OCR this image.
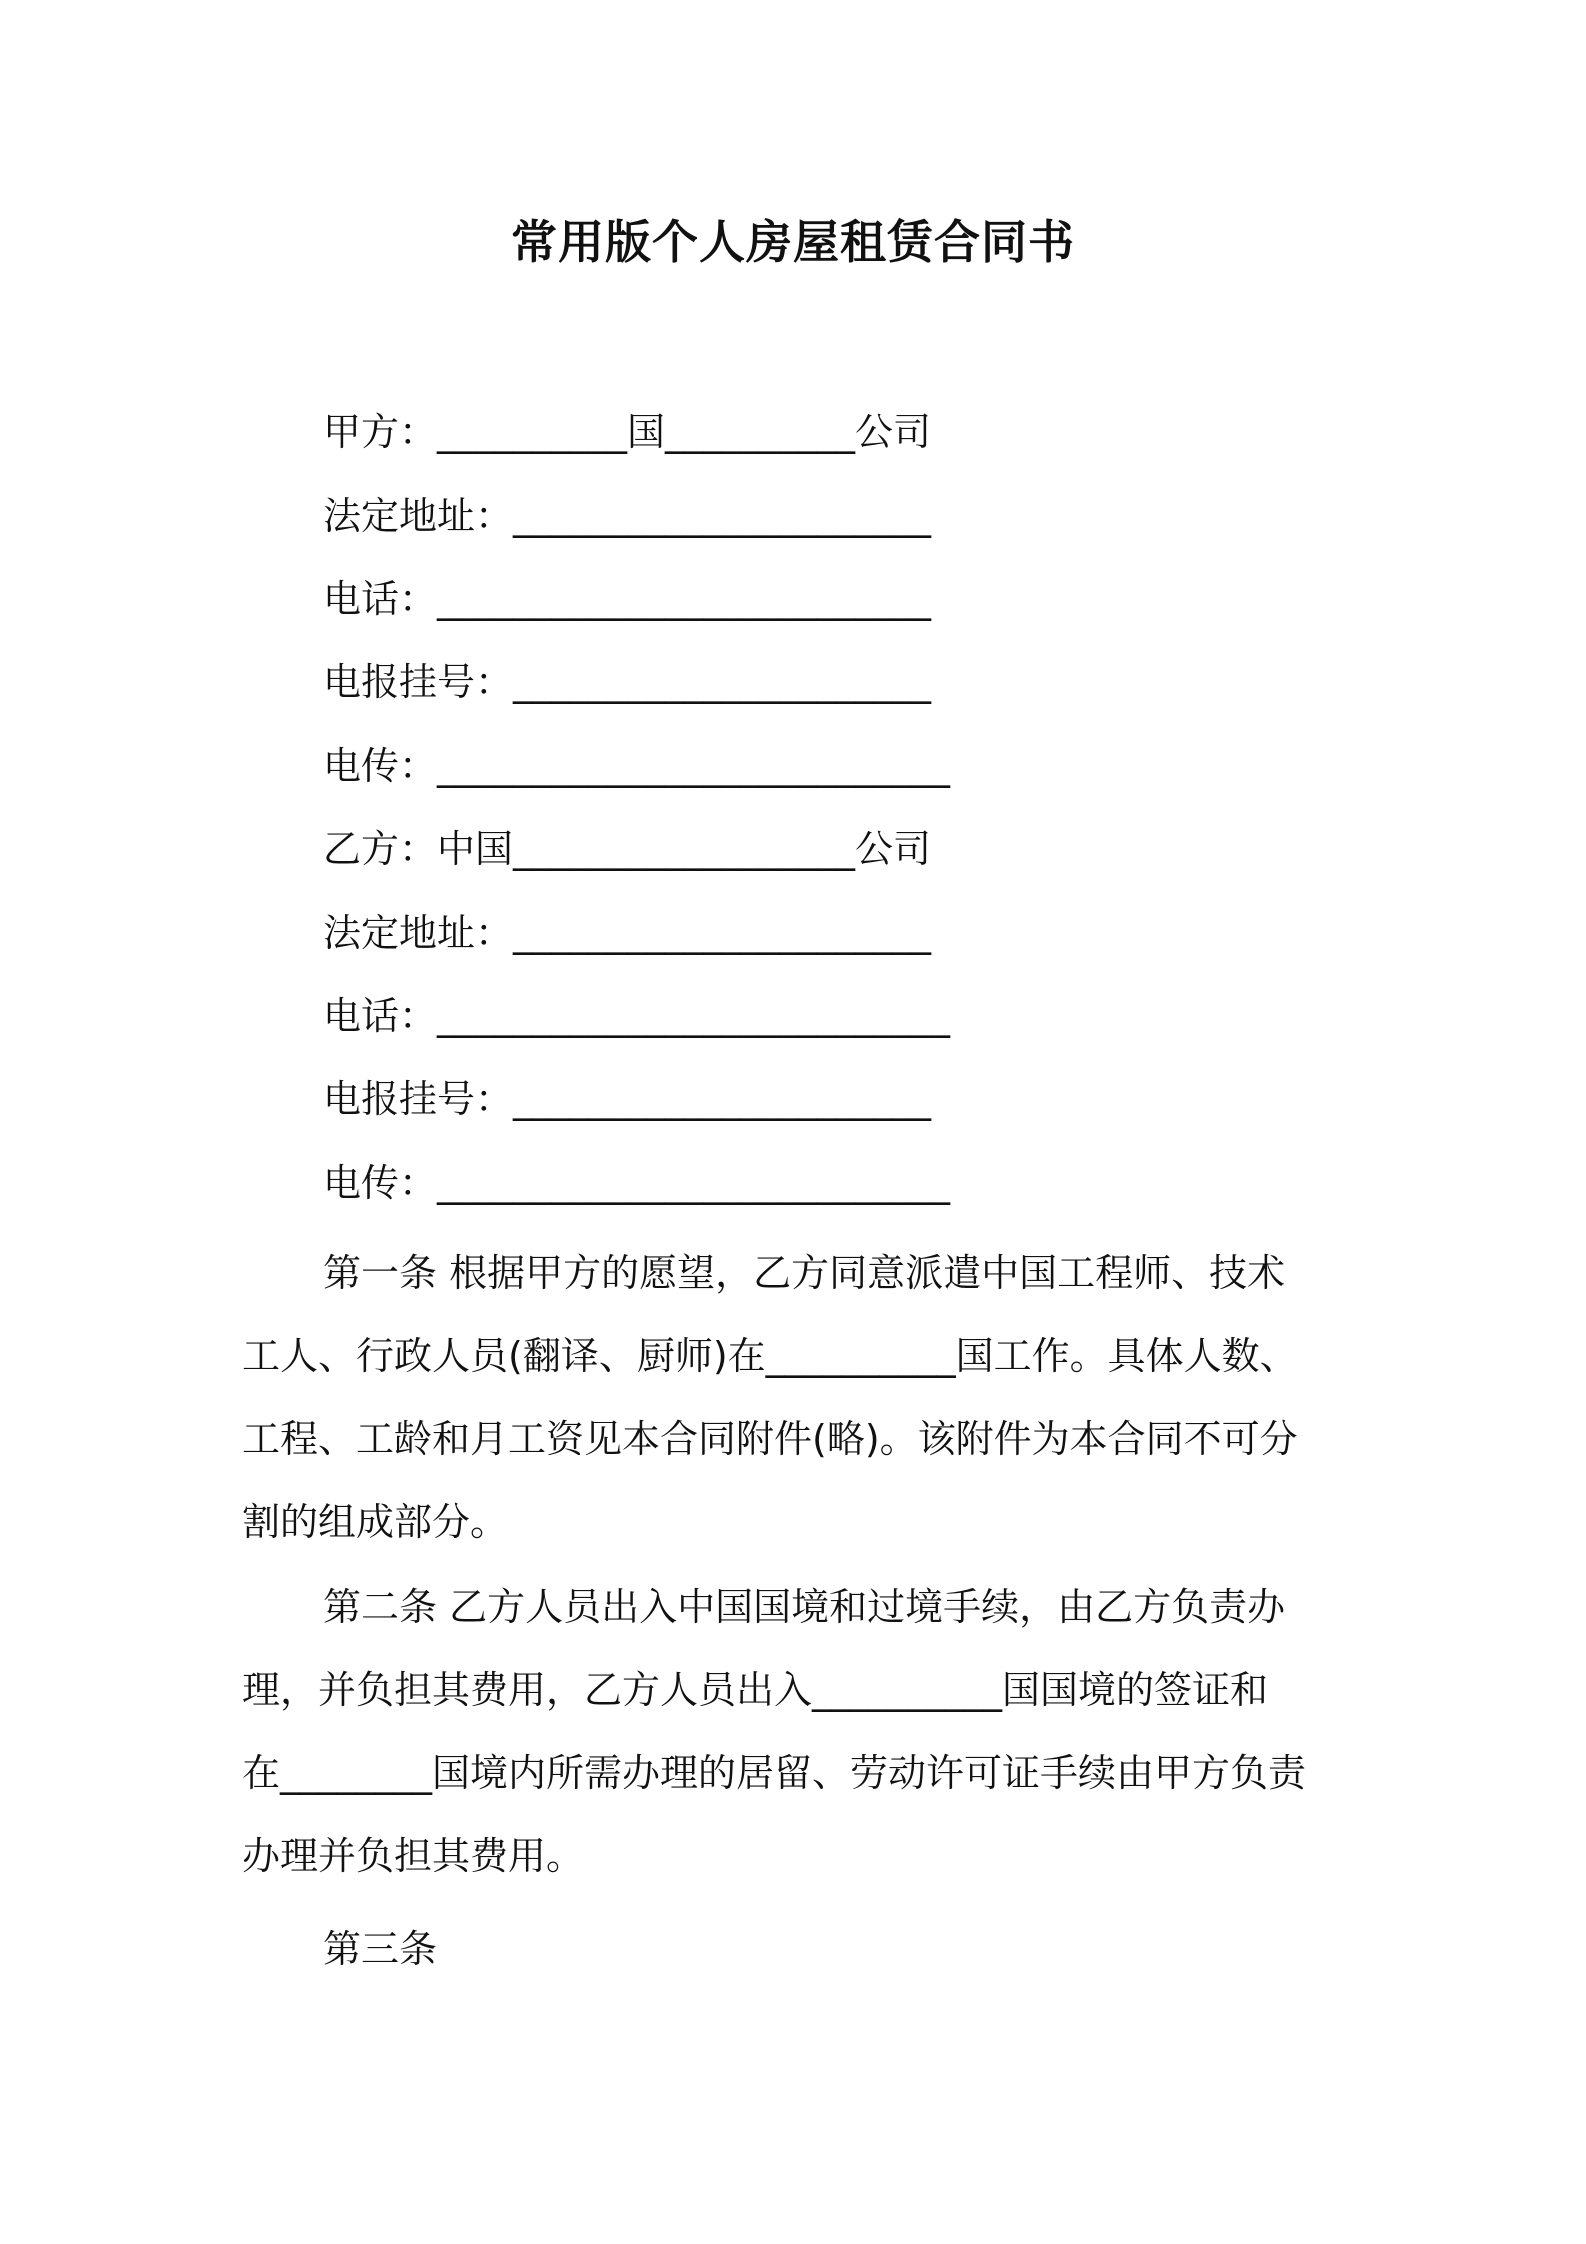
常用版个人房屋租赁合同书
甲方：__________国__________公司
法定地址：______________________
电话：__________________________
电报挂号：______________________
电传：___________________________
乙方：中国__________________公司
法定地址：______________________
电话：___________________________
电报挂号：______________________
电传：___________________________
第一条 根据甲方的愿望，乙方同意派遣中国工程师、技术
工人、行政人员(翻译、厨师)在__________国工作。具体人数、
工程、工龄和月工资见本合同附件(略)。该附件为本合同不可分
割的组成部分。
第二条 乙方人员出入中国国境和过境手续，由乙方负责办
理，并负担其费用，乙方人员出入__________国国境的签证和
在________国境内所需办理的居留、劳动许可证手续由甲方负责
办理并负担其费用。
第三条
